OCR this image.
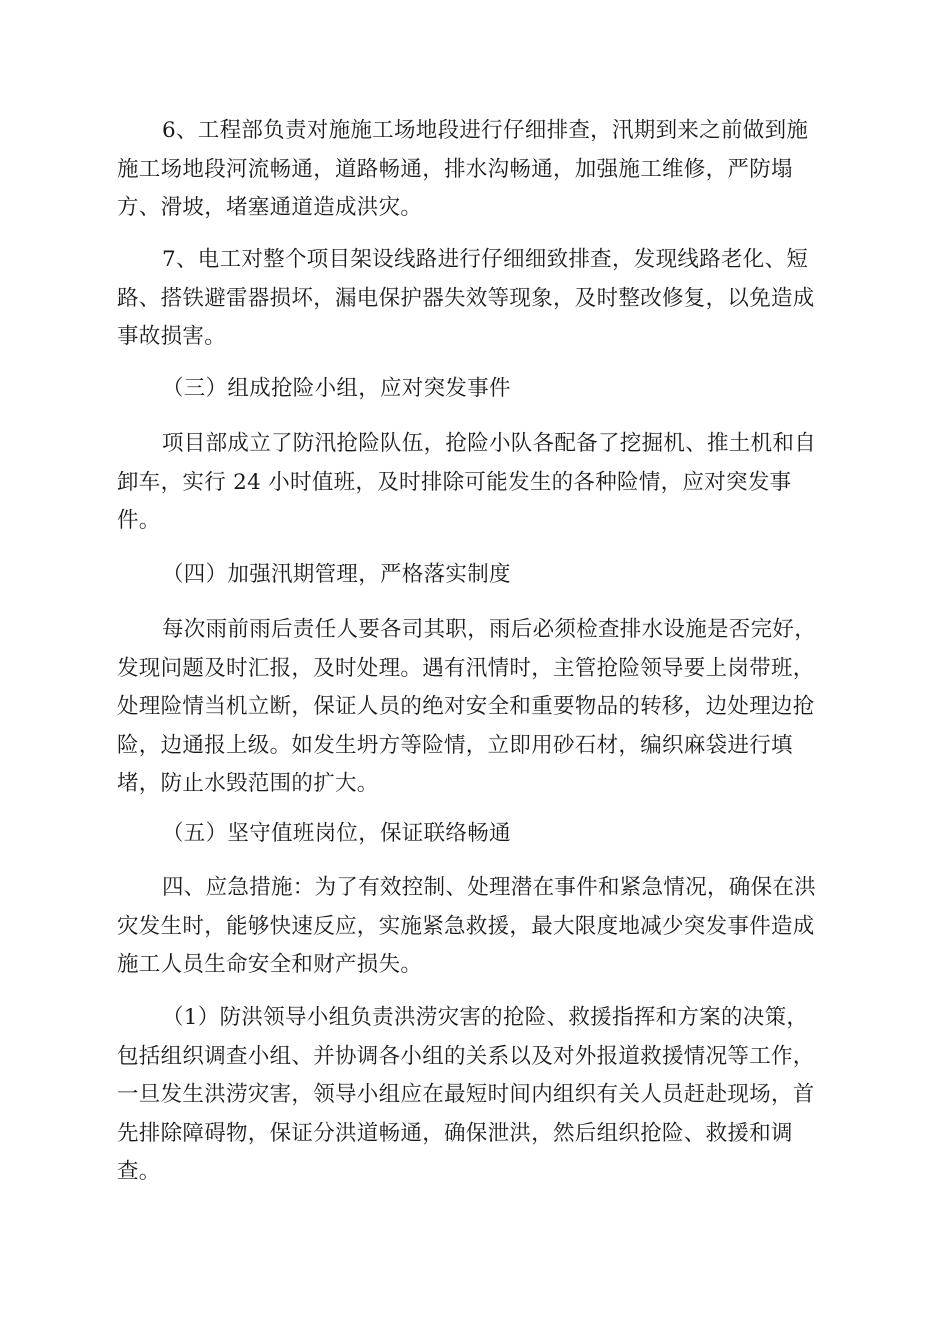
6、工程部负责对施施工场地段进行仔细排查，汛期到来之前做到施
施工场地段河流畅通，道路畅通，排水沟畅通，加强施工维修，严防塌
方、滑坡，堵塞通道造成洪灾。

7、电工对整个项目架设线路进行仔细细致排查，发现线路老化、短
路、搭铁避雷器损坏，漏电保护器失效等现象，及时整改修复，以免造成
事故损害。

（三）组成抢险小组，应对突发事件

项目部成立了防汛抢险队伍，抢险小队各配备了挖掘机、推土机和自
卸车，实行 24 小时值班，及时排除可能发生的各种险情，应对突发事
件。

（四）加强汛期管理，严格落实制度

每次雨前雨后责任人要各司其职，雨后必须检查排水设施是否完好，
发现问题及时汇报，及时处理。遇有汛情时，主管抢险领导要上岗带班，
处理险情当机立断，保证人员的绝对安全和重要物品的转移，边处理边抢
险，边通报上级。如发生坍方等险情，立即用砂石材，编织麻袋进行填
堵，防止水毁范围的扩大。

（五）坚守值班岗位，保证联络畅通

四、应急措施：为了有效控制、处理潜在事件和紧急情况，确保在洪
灾发生时，能够快速反应，实施紧急救援，最大限度地减少突发事件造成
施工人员生命安全和财产损失。

（1）防洪领导小组负责洪涝灾害的抢险、救援指挥和方案的决策，
包括组织调查小组、并协调各小组的关系以及对外报道救援情况等工作，
一旦发生洪涝灾害，领导小组应在最短时间内组织有关人员赶赴现场，首
先排除障碍物，保证分洪道畅通，确保泄洪，然后组织抢险、救援和调
查。
